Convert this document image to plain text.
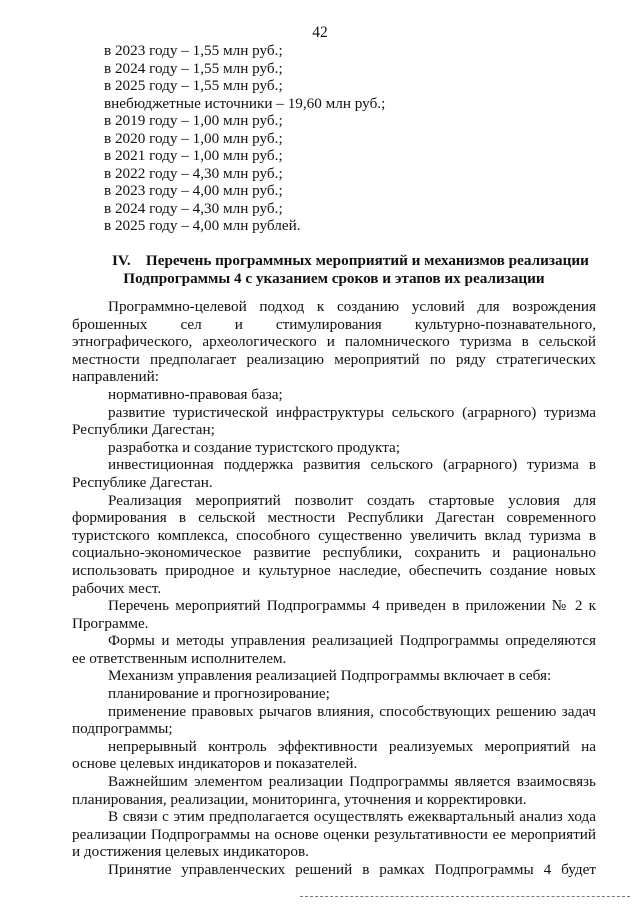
42
в 2023 году – 1,55 млн руб.;
в 2024 году – 1,55 млн руб.;
в 2025 году – 1,55 млн руб.;
внебюджетные источники – 19,60 млн руб.;
в 2019 году – 1,00 млн руб.;
в 2020 году – 1,00 млн руб.;
в 2021 году – 1,00 млн руб.;
в 2022 году – 4,30 млн руб.;
в 2023 году – 4,00 млн руб.;
в 2024 году – 4,30 млн руб.;
в 2025 году – 4,00 млн рублей.
IV. Перечень программных мероприятий и механизмов реализации
Подпрограммы 4 с указанием сроков и этапов их реализации

Программно-целевой подход к созданию условий для возрождения брошенных сел и стимулирования культурно-познавательного, этнографического, археологического и паломнического туризма в сельской местности предполагает реализацию мероприятий по ряду стратегических направлений:

нормативно-правовая база;

развитие туристической инфраструктуры сельского (аграрного) туризма Республики Дагестан;

разработка и создание туристского продукта;

инвестиционная поддержка развития сельского (аграрного) туризма в Республике Дагестан.

Реализация мероприятий позволит создать стартовые условия для формирования в сельской местности Республики Дагестан современного туристского комплекса, способного существенно увеличить вклад туризма в социально-экономическое развитие республики, сохранить и рационально использовать природное и культурное наследие, обеспечить создание новых рабочих мест.

Перечень мероприятий Подпрограммы 4 приведен в приложении № 2 к Программе.

Формы и методы управления реализацией Подпрограммы определяются ее ответственным исполнителем.

Механизм управления реализацией Подпрограммы включает в себя:

планирование и прогнозирование;

применение правовых рычагов влияния, способствующих решению задач подпрограммы;

непрерывный контроль эффективности реализуемых мероприятий на основе целевых индикаторов и показателей.

Важнейшим элементом реализации Подпрограммы является взаимосвязь планирования, реализации, мониторинга, уточнения и корректировки.

В связи с этим предполагается осуществлять ежеквартальный анализ хода реализации Подпрограммы на основе оценки результативности ее мероприятий и достижения целевых индикаторов.

Принятие управленческих решений в рамках Подпрограммы 4 будет
